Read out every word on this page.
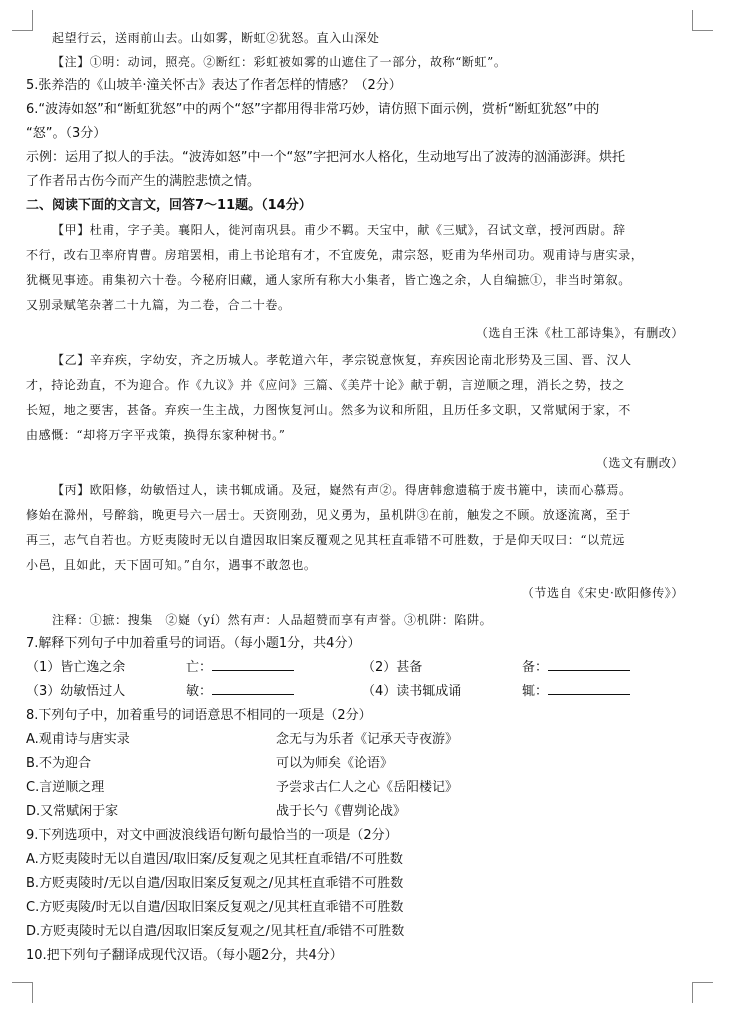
起望行云，送雨前山去。山如雾，断虹②犹怒。直入山深处

【注】①明：动词，照亮。②断红：彩虹被如雾的山遮住了一部分，故称“断虹”。

5.张养浩的《山坡羊·潼关怀古》表达了作者怎样的情感？（2分）

6.“波涛如怒”和“断虹犹怒”中的两个“怒”字都用得非常巧妙，请仿照下面示例，赏析“断虹犹怒”中的

“怒”。（3分）

示例：运用了拟人的手法。“波涛如怒”中一个“怒”字把河水人格化，生动地写出了波涛的汹涌澎湃。烘托

了作者吊古伤今而产生的满腔悲愤之情。

二、阅读下面的文言文，回答7～11题。（14分）

【甲】杜甫，字子美。襄阳人，徙河南巩县。甫少不羁。天宝中，献《三赋》，召试文章，授河西尉。辞

不行，改右卫率府胄曹。房琯罢相，甫上书论琯有才，不宜废免，肃宗怒，贬甫为华州司功。观甫诗与唐实录，

犹概见事迹。甫集初六十卷。今秘府旧藏，通人家所有称大小集者，皆亡逸之余，人自编摭①，非当时第叙。

又别录赋笔杂著二十九篇，为二卷，合二十卷。

（选自王洙《杜工部诗集》，有删改）

【乙】辛弃疾，字幼安，齐之历城人。孝乾道六年，孝宗锐意恢复，弃疾因论南北形势及三国、晋、汉人

才，持论劲直，不为迎合。作《九议》并《应问》三篇、《美芹十论》献于朝，言逆顺之理，消长之势，技之

长短，地之要害，甚备。弃疾一生主战，力图恢复河山。然多为议和所阻，且历任多文职，又常赋闲于家，不

由感慨：“却将万字平戎策，换得东家种树书。”

（选文有删改）

【丙】欧阳修，幼敏悟过人，读书辄成诵。及冠，嶷然有声②。得唐韩愈遗稿于废书簏中，读而心慕焉。

修始在滁州，号醉翁，晚更号六一居士。天资刚劲，见义勇为，虽机阱③在前，触发之不顾。放逐流离，至于

再三，志气自若也。方贬夷陵时无以自遣因取旧案反覆观之见其枉直乖错不可胜数，于是仰天叹曰：“以荒远

小邑，且如此，天下固可知。”自尔，遇事不敢忽也。

（节选自《宋史·欧阳修传》）

注释：①摭：搜集　②嶷（yí）然有声：人品超赞而享有声誉。③机阱：陷阱。

7.解释下列句子中加着重号的词语。（每小题1分，共4分）

（1）皆亡逸之余	亡：	（2）甚备	备：
（3）幼敏悟过人	敏：	（4）读书辄成诵	辄：

8.下列句子中，加着重号的词语意思不相同的一项是（2分）

A.观甫诗与唐实录	念无与为乐者《记承天寺夜游》
B.不为迎合	可以为师矣《论语》
C.言逆顺之理	予尝求古仁人之心《岳阳楼记》
D.又常赋闲于家	战于长勺《曹刿论战》

9.下列选项中，对文中画波浪线语句断句最恰当的一项是（2分）

A.方贬夷陵时无以自遣因/取旧案/反复观之见其枉直乖错/不可胜数

B.方贬夷陵时/无以自遣/因取旧案反复观之/见其枉直乖错不可胜数

C.方贬夷陵/时无以自遣/因取旧案反复观之/见其枉直乖错不可胜数

D.方贬夷陵时无以自遣/因取旧案反复观之/见其枉直/乖错不可胜数

10.把下列句子翻译成现代汉语。（每小题2分，共4分）
